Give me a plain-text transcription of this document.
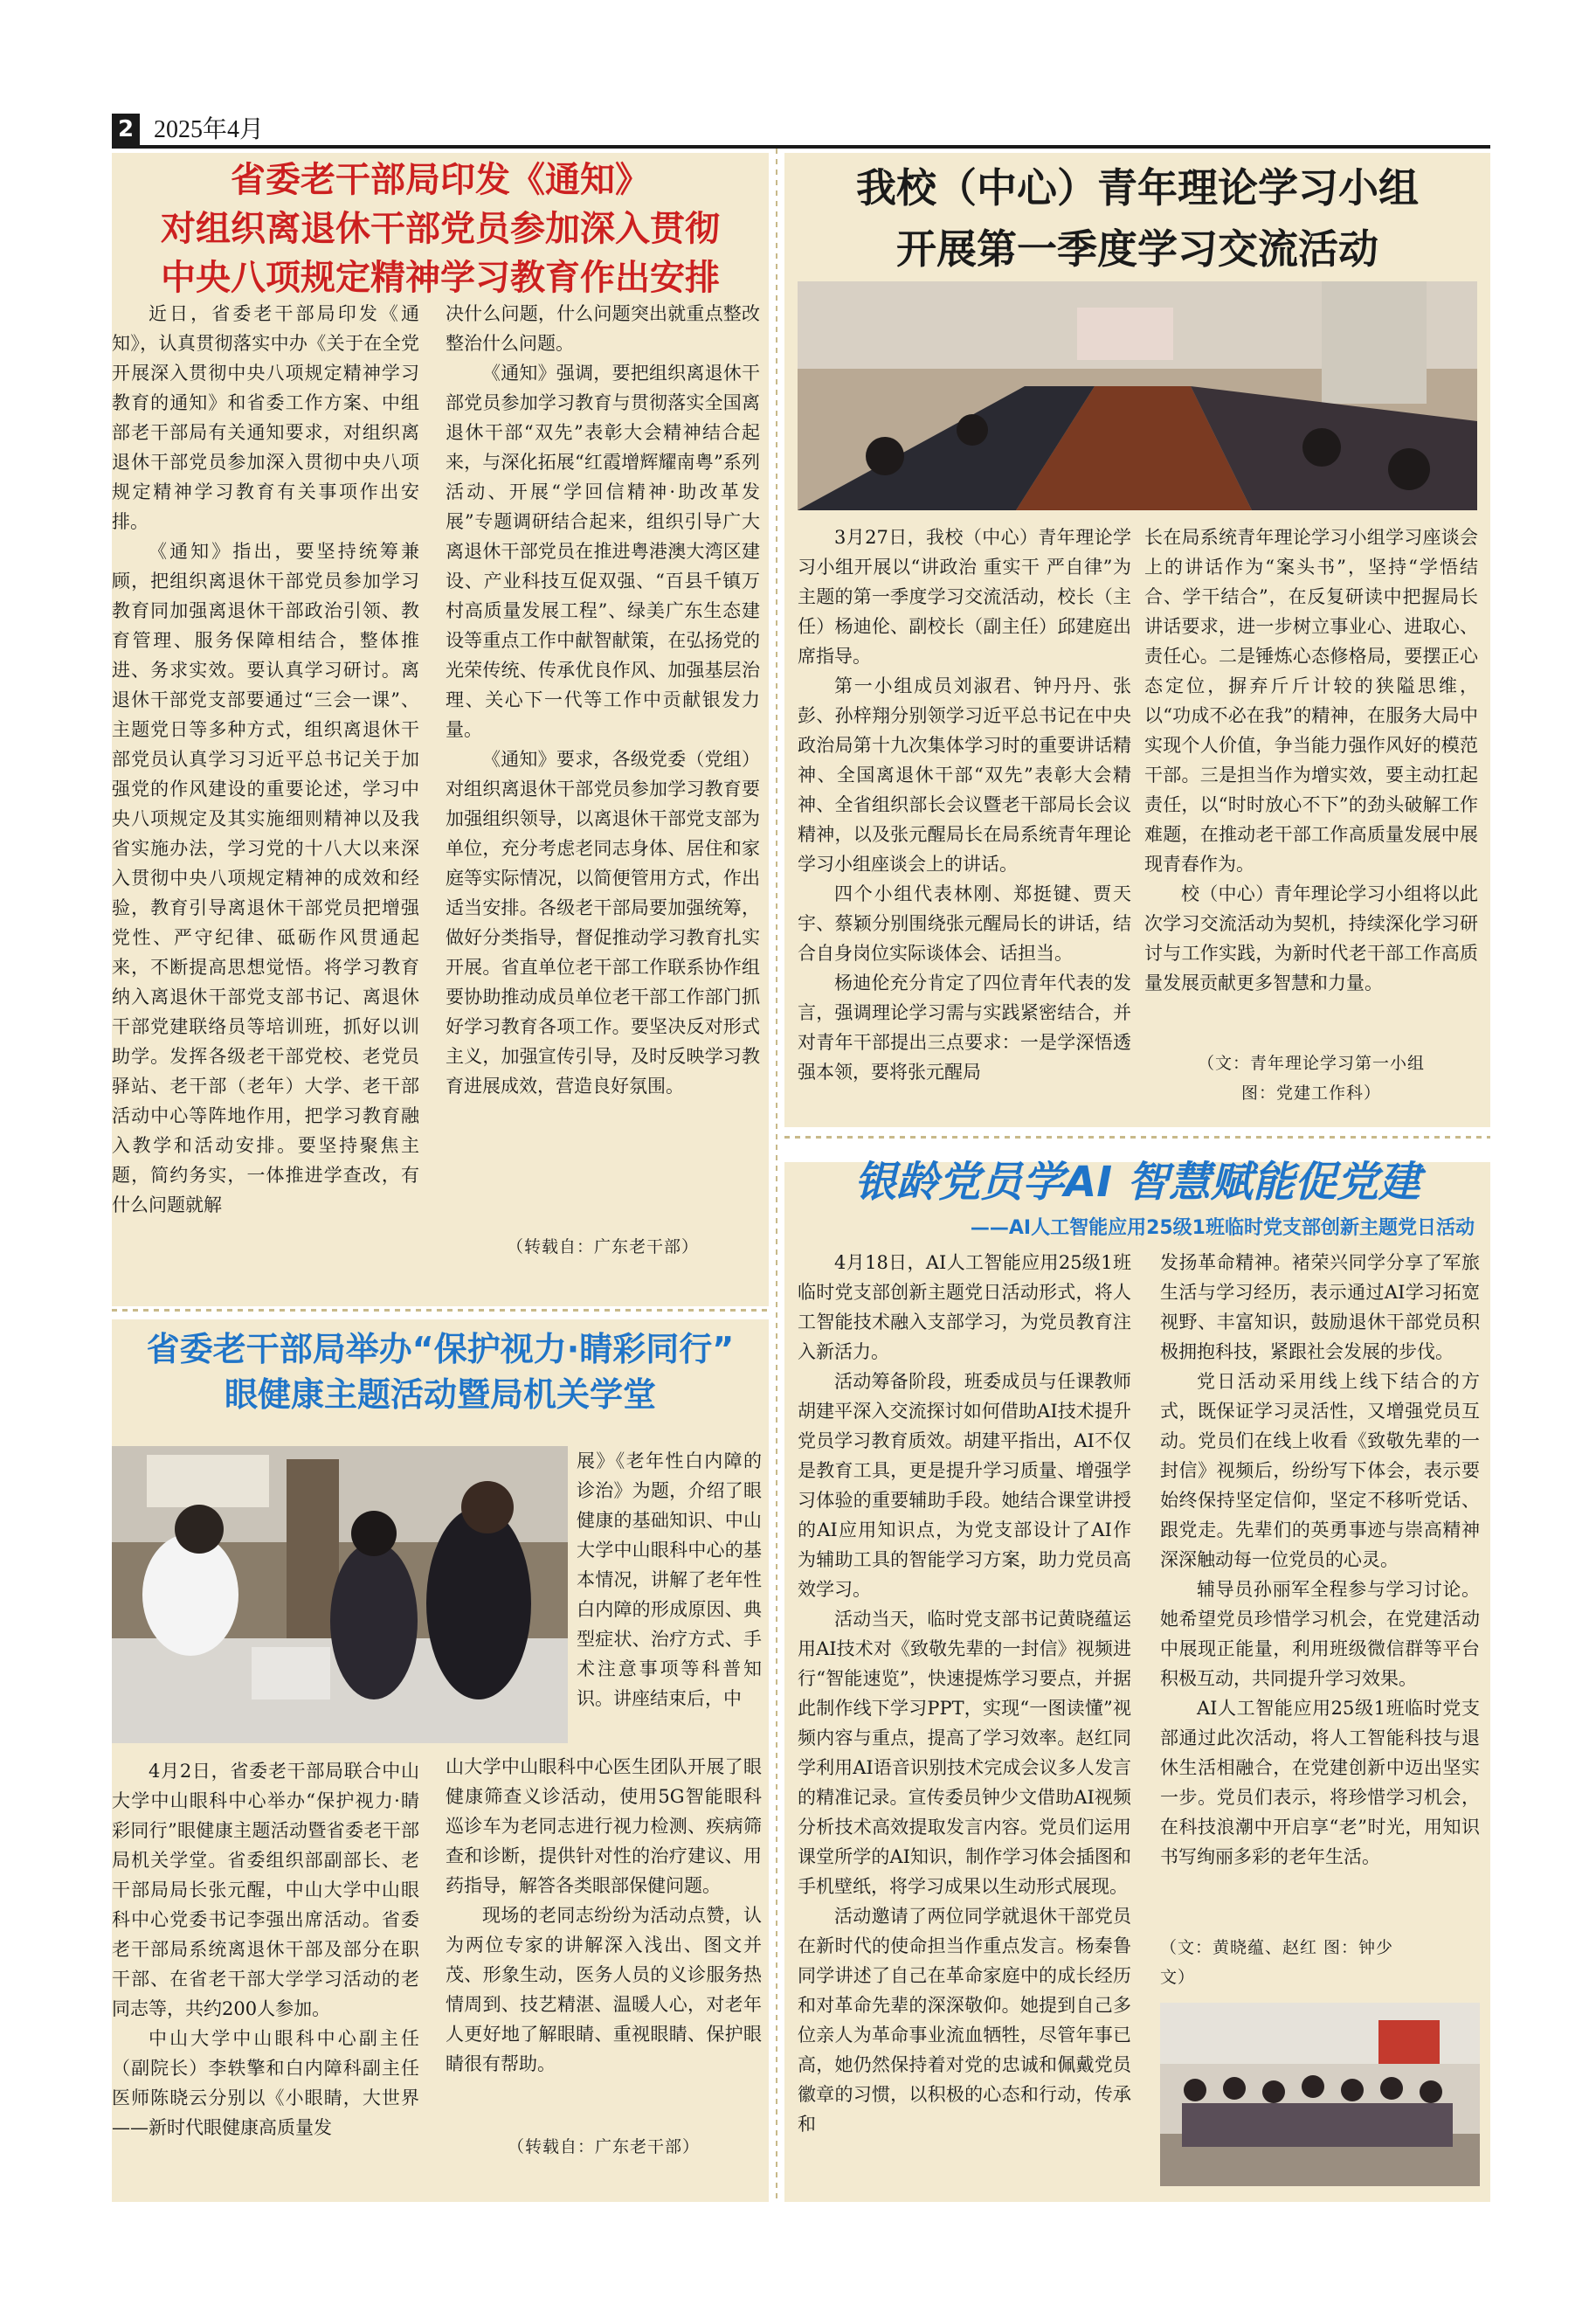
2 2025年4月
省委老干部局印发《通知》
对组织离退休干部党员参加深入贯彻
中央八项规定精神学习教育作出安排

近日，省委老干部局印发《通知》，认真贯彻落实中办《关于在全党开展深入贯彻中央八项规定精神学习教育的通知》和省委工作方案、中组部老干部局有关通知要求，对组织离退休干部党员参加深入贯彻中央八项规定精神学习教育有关事项作出安排。

《通知》指出，要坚持统筹兼顾，把组织离退休干部党员参加学习教育同加强离退休干部政治引领、教育管理、服务保障相结合，整体推进、务求实效。要认真学习研讨。离退休干部党支部要通过“三会一课”、主题党日等多种方式，组织离退休干部党员认真学习习近平总书记关于加强党的作风建设的重要论述，学习中央八项规定及其实施细则精神以及我省实施办法，学习党的十八大以来深入贯彻中央八项规定精神的成效和经验，教育引导离退休干部党员把增强党性、严守纪律、砥砺作风贯通起来，不断提高思想觉悟。将学习教育纳入离退休干部党支部书记、离退休干部党建联络员等培训班，抓好以训助学。发挥各级老干部党校、老党员驿站、老干部（老年）大学、老干部活动中心等阵地作用，把学习教育融入教学和活动安排。要坚持聚焦主题，简约务实，一体推进学查改，有什么问题就解

决什么问题，什么问题突出就重点整改整治什么问题。

《通知》强调，要把组织离退休干部党员参加学习教育与贯彻落实全国离退休干部“双先”表彰大会精神结合起来，与深化拓展“红霞增辉耀南粤”系列活动、开展“学回信精神·助改革发展”专题调研结合起来，组织引导广大离退休干部党员在推进粤港澳大湾区建设、产业科技互促双强、“百县千镇万村高质量发展工程”、绿美广东生态建设等重点工作中献智献策，在弘扬党的光荣传统、传承优良作风、加强基层治理、关心下一代等工作中贡献银发力量。

《通知》要求，各级党委（党组）对组织离退休干部党员参加学习教育要加强组织领导，以离退休干部党支部为单位，充分考虑老同志身体、居住和家庭等实际情况，以简便管用方式，作出适当安排。各级老干部局要加强统筹，做好分类指导，督促推动学习教育扎实开展。省直单位老干部工作联系协作组要协助推动成员单位老干部工作部门抓好学习教育各项工作。要坚决反对形式主义，加强宣传引导，及时反映学习教育进展成效，营造良好氛围。

（转载自：广东老干部）
省委老干部局举办“保护视力·睛彩同行”
眼健康主题活动暨局机关学堂

展》《老年性白内障的诊治》为题，介绍了眼健康的基础知识、中山大学中山眼科中心的基本情况，讲解了老年性白内障的形成原因、典型症状、治疗方式、手术注意事项等科普知识。讲座结束后，中

4月2日，省委老干部局联合中山大学中山眼科中心举办“保护视力·睛彩同行”眼健康主题活动暨省委老干部局机关学堂。省委组织部副部长、老干部局局长张元醒，中山大学中山眼科中心党委书记李强出席活动。省委老干部局系统离退休干部及部分在职干部、在省老干部大学学习活动的老同志等，共约200人参加。

中山大学中山眼科中心副主任（副院长）李轶擎和白内障科副主任医师陈晓云分别以《小眼睛，大世界——新时代眼健康高质量发

山大学中山眼科中心医生团队开展了眼健康筛查义诊活动，使用5G智能眼科巡诊车为老同志进行视力检测、疾病筛查和诊断，提供针对性的治疗建议、用药指导，解答各类眼部保健问题。

现场的老同志纷纷为活动点赞，认为两位专家的讲解深入浅出、图文并茂、形象生动，医务人员的义诊服务热情周到、技艺精湛、温暖人心，对老年人更好地了解眼睛、重视眼睛、保护眼睛很有帮助。

（转载自：广东老干部）
我校（中心）青年理论学习小组
开展第一季度学习交流活动

3月27日，我校（中心）青年理论学习小组开展以“讲政治 重实干 严自律”为主题的第一季度学习交流活动，校长（主任）杨迪伦、副校长（副主任）邱建庭出席指导。

第一小组成员刘淑君、钟丹丹、张彭、孙梓翔分别领学习近平总书记在中央政治局第十九次集体学习时的重要讲话精神、全国离退休干部“双先”表彰大会精神、全省组织部长会议暨老干部局长会议精神，以及张元醒局长在局系统青年理论学习小组座谈会上的讲话。

四个小组代表林刚、郑挺键、贾天宇、蔡颖分别围绕张元醒局长的讲话，结合自身岗位实际谈体会、话担当。

杨迪伦充分肯定了四位青年代表的发言，强调理论学习需与实践紧密结合，并对青年干部提出三点要求：一是学深悟透强本领，要将张元醒局

长在局系统青年理论学习小组学习座谈会上的讲话作为“案头书”，坚持“学悟结合、学干结合”，在反复研读中把握局长讲话要求，进一步树立事业心、进取心、责任心。二是锤炼心态修格局，要摆正心态定位，摒弃斤斤计较的狭隘思维，以“功成不必在我”的精神，在服务大局中实现个人价值，争当能力强作风好的模范干部。三是担当作为增实效，要主动扛起责任，以“时时放心不下”的劲头破解工作难题，在推动老干部工作高质量发展中展现青春作为。

校（中心）青年理论学习小组将以此次学习交流活动为契机，持续深化学习研讨与工作实践，为新时代老干部工作高质量发展贡献更多智慧和力量。

（文：青年理论学习第一小组
图：党建工作科）
银龄党员学AI 智慧赋能促党建
——AI人工智能应用25级1班临时党支部创新主题党日活动

4月18日，AI人工智能应用25级1班临时党支部创新主题党日活动形式，将人工智能技术融入支部学习，为党员教育注入新活力。

活动筹备阶段，班委成员与任课教师胡建平深入交流探讨如何借助AI技术提升党员学习教育质效。胡建平指出，AI不仅是教育工具，更是提升学习质量、增强学习体验的重要辅助手段。她结合课堂讲授的AI应用知识点，为党支部设计了AI作为辅助工具的智能学习方案，助力党员高效学习。

活动当天，临时党支部书记黄晓蕴运用AI技术对《致敬先辈的一封信》视频进行“智能速览”，快速提炼学习要点，并据此制作线下学习PPT，实现“一图读懂”视频内容与重点，提高了学习效率。赵红同学利用AI语音识别技术完成会议多人发言的精准记录。宣传委员钟少文借助AI视频分析技术高效提取发言内容。党员们运用课堂所学的AI知识，制作学习体会插图和手机壁纸，将学习成果以生动形式展现。

活动邀请了两位同学就退休干部党员在新时代的使命担当作重点发言。杨秦鲁同学讲述了自己在革命家庭中的成长经历和对革命先辈的深深敬仰。她提到自己多位亲人为革命事业流血牺牲，尽管年事已高，她仍然保持着对党的忠诚和佩戴党员徽章的习惯，以积极的心态和行动，传承和

发扬革命精神。褚荣兴同学分享了军旅生活与学习经历，表示通过AI学习拓宽视野、丰富知识，鼓励退休干部党员积极拥抱科技，紧跟社会发展的步伐。

党日活动采用线上线下结合的方式，既保证学习灵活性，又增强党员互动。党员们在线上收看《致敬先辈的一封信》视频后，纷纷写下体会，表示要始终保持坚定信仰，坚定不移听党话、跟党走。先辈们的英勇事迹与崇高精神深深触动每一位党员的心灵。

辅导员孙丽军全程参与学习讨论。她希望党员珍惜学习机会，在党建活动中展现正能量，利用班级微信群等平台积极互动，共同提升学习效果。

AI人工智能应用25级1班临时党支部通过此次活动，将人工智能科技与退休生活相融合，在党建创新中迈出坚实一步。党员们表示，将珍惜学习机会，在科技浪潮中开启享“老”时光，用知识书写绚丽多彩的老年生活。

（文：黄晓蕴、赵红 图：钟少
文）
